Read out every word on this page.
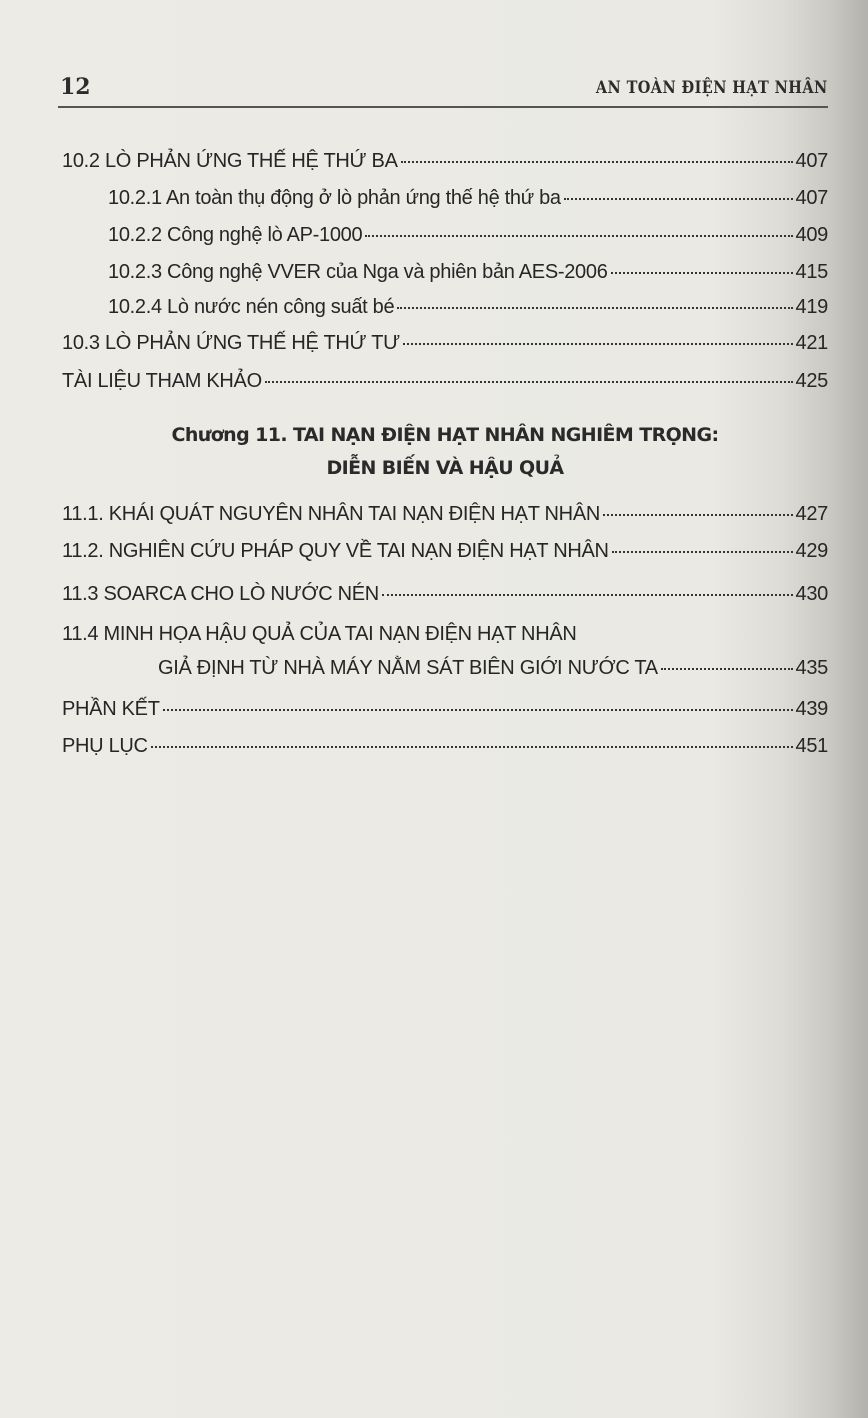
12	AN TOÀN ĐIỆN HẠT NHÂN
10.2 LÒ PHẢN ỨNG THẾ HỆ THỨ BA	407
10.2.1 An toàn thụ động ở lò phản ứng thế hệ thứ ba	407
10.2.2 Công nghệ lò AP-1000	409
10.2.3 Công nghệ VVER của Nga và phiên bản AES-2006	415
10.2.4 Lò nước nén công suất bé	419
10.3 LÒ PHẢN ỨNG THẾ HỆ THỨ TƯ	421
TÀI LIỆU THAM KHẢO	425
Chương 11. TAI NẠN ĐIỆN HẠT NHÂN NGHIÊM TRỌNG:
DIỄN BIẾN VÀ HẬU QUẢ
11.1. KHÁI QUÁT NGUYÊN NHÂN TAI NẠN ĐIỆN HẠT NHÂN	427
11.2. NGHIÊN CỨU PHÁP QUY VỀ TAI NẠN ĐIỆN HẠT NHÂN	429
11.3 SOARCA CHO LÒ NƯỚC NÉN	430
11.4 MINH HỌA HẬU QUẢ CỦA TAI NẠN ĐIỆN HẠT NHÂN
GIẢ ĐỊNH TỪ NHÀ MÁY NẰM SÁT BIÊN GIỚI NƯỚC TA	435
PHẦN KẾT	439
PHỤ LỤC	451
